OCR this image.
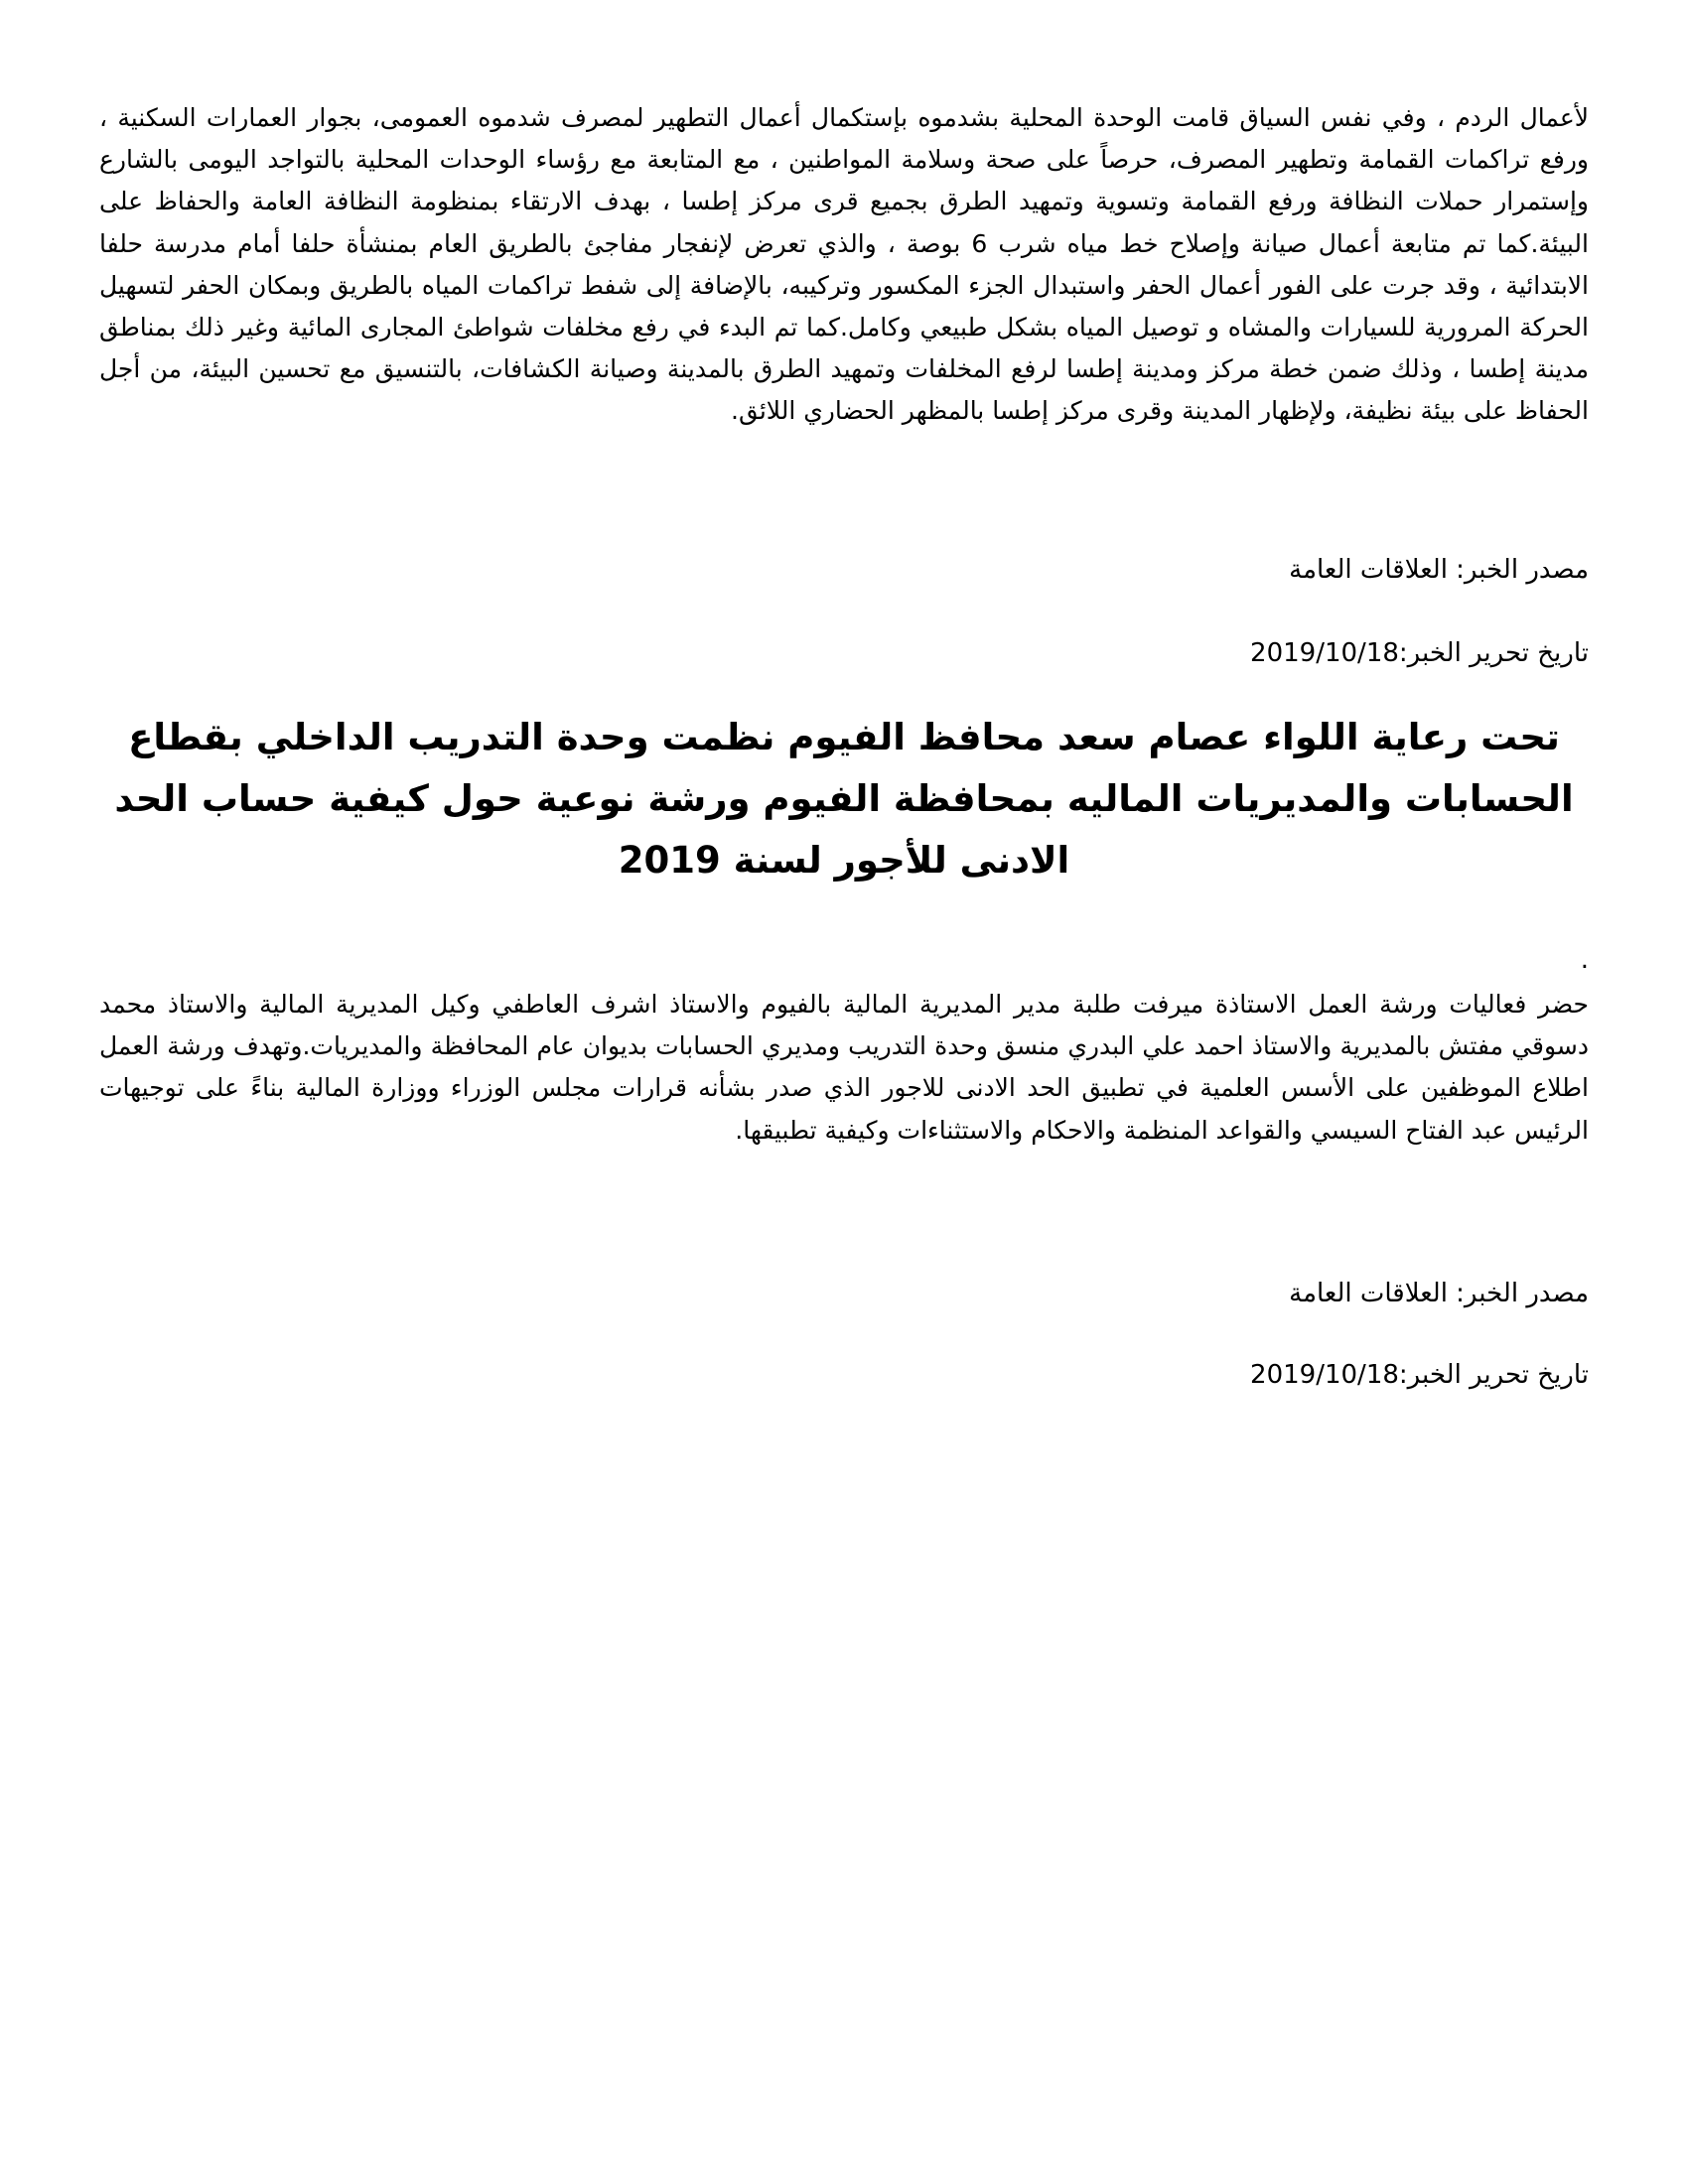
لأعمال الردم ، وفي نفس السياق قامت الوحدة المحلية بشدموه بإستكمال أعمال التطهير لمصرف شدموه العمومى، بجوار العمارات السكنية ، ورفع تراكمات القمامة وتطهير المصرف، حرصاً على صحة وسلامة المواطنين ، مع المتابعة مع رؤساء الوحدات المحلية بالتواجد اليومى بالشارع وإستمرار حملات النظافة ورفع القمامة وتسوية وتمهيد الطرق بجميع قرى مركز إطسا ، بهدف الارتقاء بمنظومة النظافة العامة والحفاظ على البيئة.كما تم متابعة أعمال صيانة وإصلاح خط مياه شرب 6 بوصة ، والذي تعرض لإنفجار مفاجئ بالطريق العام بمنشأة حلفا أمام مدرسة حلفا الابتدائية ، وقد جرت على الفور أعمال الحفر واستبدال الجزء المكسور وتركيبه، بالإضافة إلى شفط تراكمات المياه بالطريق وبمكان الحفر لتسهيل الحركة المرورية للسيارات والمشاه و توصيل المياه بشكل طبيعي وكامل.كما تم البدء في رفع مخلفات شواطئ المجارى المائية وغير ذلك بمناطق مدينة إطسا ، وذلك ضمن خطة مركز ومدينة إطسا لرفع المخلفات وتمهيد الطرق بالمدينة وصيانة الكشافات، بالتنسيق مع تحسين البيئة، من أجل الحفاظ على بيئة نظيفة، ولإظهار المدينة وقرى مركز إطسا بالمظهر الحضاري اللائق.

مصدر الخبر: العلاقات العامة
تاريخ تحرير الخبر:2019/10/18
تحت رعاية اللواء عصام سعد محافظ الفيوم نظمت وحدة التدريب الداخلي بقطاع الحسابات والمديريات الماليه بمحافظة الفيوم ورشة نوعية حول كيفية حساب الحد الادنى للأجور لسنة 2019
.

حضر فعاليات ورشة العمل الاستاذة ميرفت طلبة مدير المديرية المالية بالفيوم والاستاذ اشرف العاطفي وكيل المديرية المالية والاستاذ محمد دسوقي مفتش بالمديرية والاستاذ احمد علي البدري منسق وحدة التدريب ومديري الحسابات بديوان عام المحافظة والمديريات.وتهدف ورشة العمل اطلاع الموظفين على الأسس العلمية في تطبيق الحد الادنى للاجور الذي صدر بشأنه قرارات مجلس الوزراء ووزارة المالية بناءً على توجيهات الرئيس عبد الفتاح السيسي والقواعد المنظمة والاحكام والاستثناءات وكيفية تطبيقها.

مصدر الخبر: العلاقات العامة
تاريخ تحرير الخبر:2019/10/18
